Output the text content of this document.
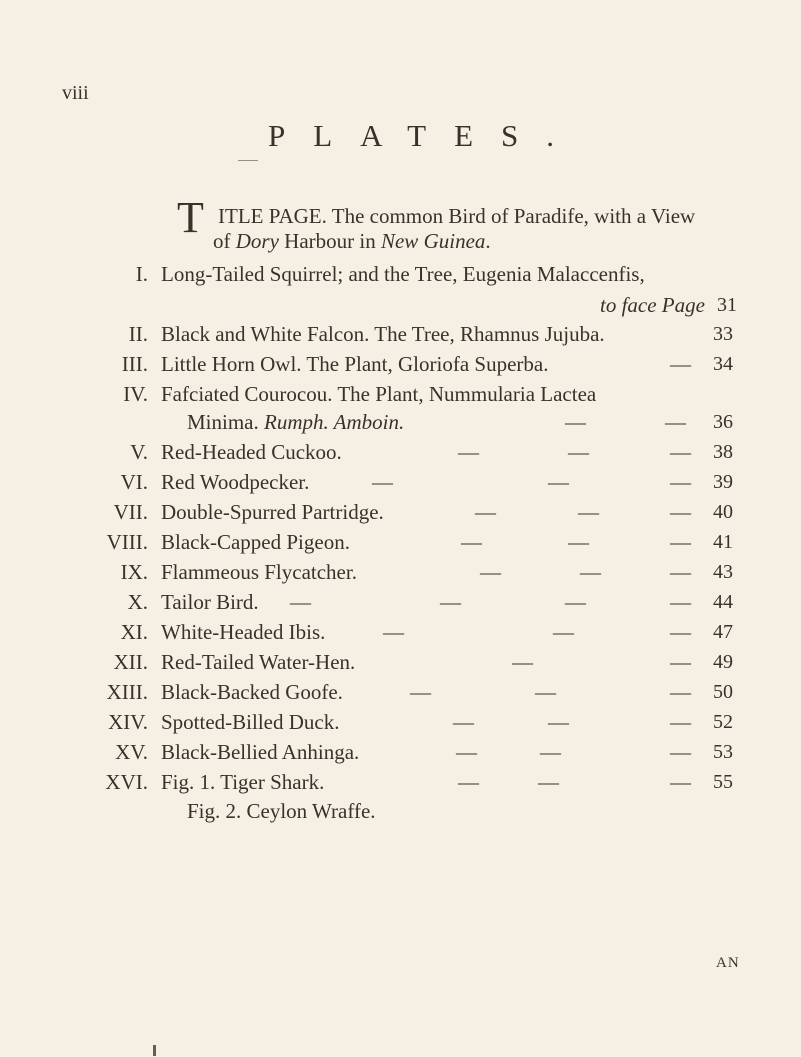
viii
PLATES.
T ITLE PAGE. The common Bird of Paradife, with a View
of Dory Harbour in New Guinea.
I. Long-Tailed Squirrel; and the Tree, Eugenia Malaccenfis,
to face Page 31
II. Black and White Falcon. The Tree, Rhamnus Jujuba.	33
III. Little Horn Owl. The Plant, Gloriofa Superba.	— 34
IV. Fafciated Courocou. The Plant, Nummularia Lactea
Minima. Rumph. Amboin.	—	— 36
V. Red-Headed Cuckoo.	—	—	— 38
VI. Red Woodpecker.	—	—	— 39
VII. Double-Spurred Partridge.	—	—	— 40
VIII. Black-Capped Pigeon.	—	—	— 41
IX. Flammeous Flycatcher.	—	—	— 43
X. Tailor Bird. —	—	—	— 44
XI. White-Headed Ibis.	—	—	— 47
XII. Red-Tailed Water-Hen.	—	— 49
XIII. Black-Backed Goofe.	—	—	— 50
XIV. Spotted-Billed Duck.	—	—	— 52
XV. Black-Bellied Anhinga.	—	—	— 53
XVI. Fig. 1. Tiger Shark.	—	—	— 55
Fig. 2. Ceylon Wraffe.
AN
